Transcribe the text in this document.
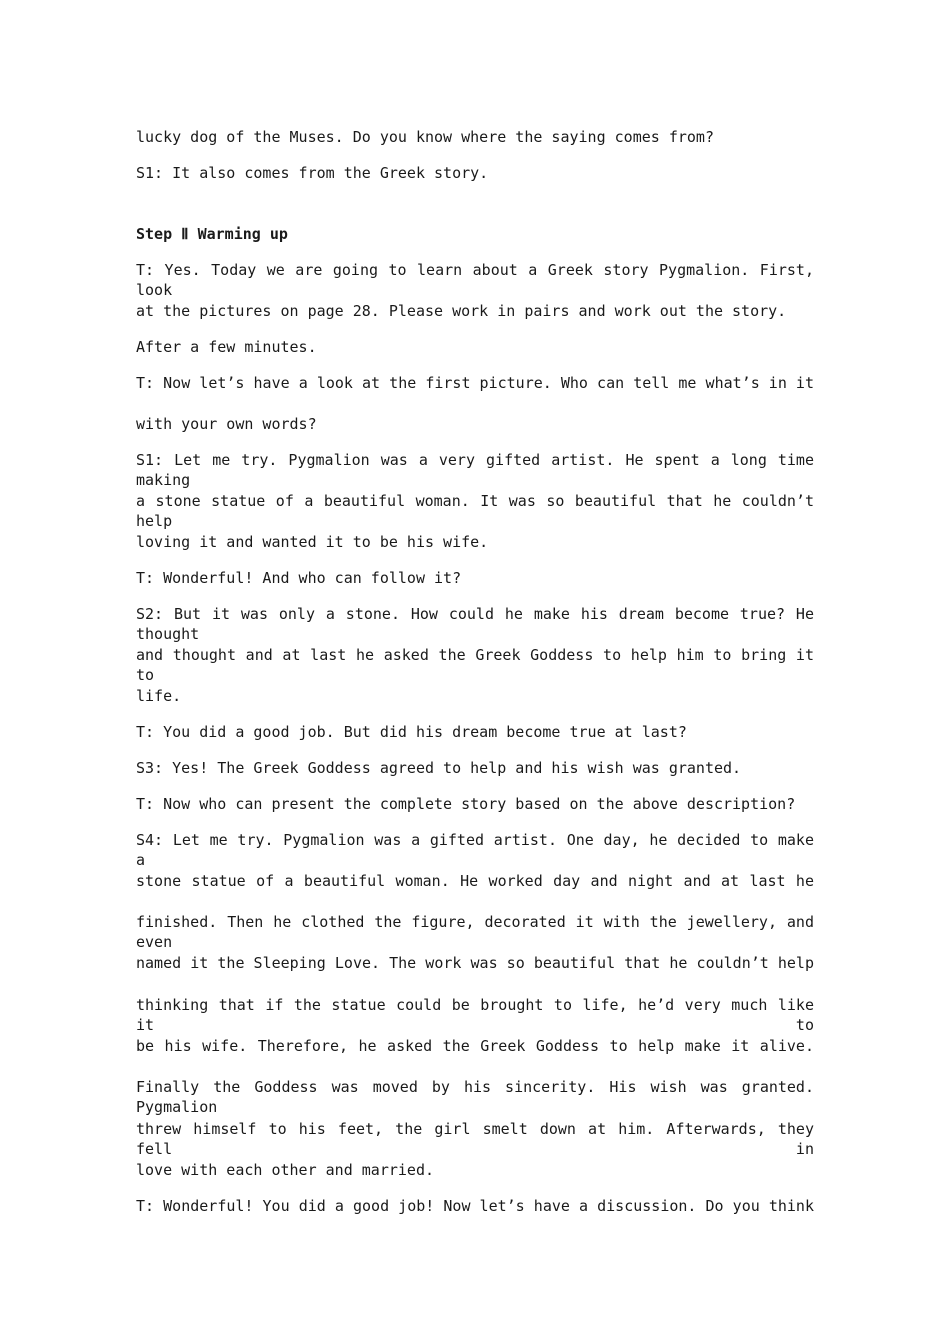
lucky dog of the Muses. Do you know where the saying comes from?
S1: It also comes from the Greek story.
Step Ⅱ Warming up
T: Yes. Today we are going to learn about a Greek story Pygmalion. First, look
at the pictures on page 28. Please work in pairs and work out the story.
After a few minutes.
T: Now let’s have a look at the first picture. Who can tell me what’s in it
with your own words?
S1: Let me try. Pygmalion was a very gifted artist. He spent a long time making
a stone statue of a beautiful woman. It was so beautiful that he couldn’t help
loving it and wanted it to be his wife.
T: Wonderful! And who can follow it?
S2: But it was only a stone. How could he make his dream become true? He thought
and thought and at last he asked the Greek Goddess to help him to bring it to
life.
T: You did a good job. But did his dream become true at last?
S3: Yes! The Greek Goddess agreed to help and his wish was granted.
T: Now who can present the complete story based on the above description?
S4: Let me try. Pygmalion was a gifted artist. One day, he decided to make a
stone statue of a beautiful woman. He worked day and night and at last he
finished. Then he clothed the figure, decorated it with the jewellery, and even
named it the Sleeping Love. The work was so beautiful that he couldn’t help
thinking that if the statue could be brought to life, he’d very much like it to
be his wife. Therefore, he asked the Greek Goddess to help make it alive.
Finally the Goddess was moved by his sincerity. His wish was granted. Pygmalion
threw himself to his feet, the girl smelt down at him. Afterwards, they fell in
love with each other and married.
T: Wonderful! You did a good job! Now let’s have a discussion. Do you think
